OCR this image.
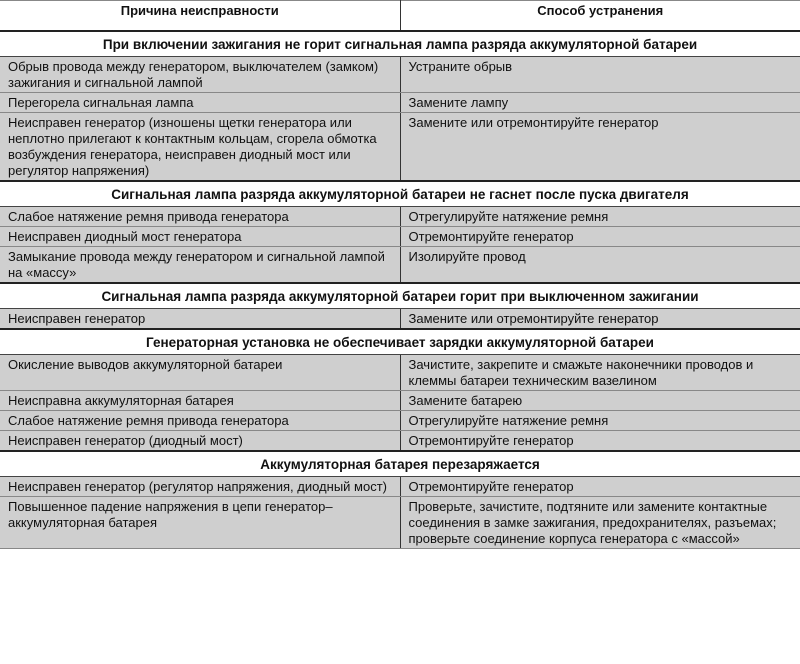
Причина неисправности	Способ устранения
При включении зажигания не горит сигнальная лампа разряда аккумуляторной батареи	
Обрыв провода между генератором, выключателем (замком) зажигания и сигнальной лампой	Устраните обрыв
Перегорела сигнальная лампа	Замените лампу
Неисправен генератор (изношены щетки генератора или неплотно прилегают к контактным кольцам, сгорела обмотка возбуждения генератора, неисправен диодный мост или регулятор напряжения)	Замените или отремонтируйте генератор
Сигнальная лампа разряда аккумуляторной батареи не гаснет после пуска двигателя	
Слабое натяжение ремня привода генератора	Отрегулируйте натяжение ремня
Неисправен диодный мост генератора	Отремонтируйте генератор
Замыкание провода между генератором и сигнальной лампой на «массу»	Изолируйте провод
Сигнальная лампа разряда аккумуляторной батареи горит при выключенном зажигании	
Неисправен генератор	Замените или отремонтируйте генератор
Генераторная установка не обеспечивает зарядки аккумуляторной батареи	
Окисление выводов аккумуляторной батареи	Зачистите, закрепите и смажьте наконечники проводов и клеммы батареи техническим вазелином
Неисправна аккумуляторная батарея	Замените батарею
Слабое натяжение ремня привода генератора	Отрегулируйте натяжение ремня
Неисправен генератор (диодный мост)	Отремонтируйте генератор
Аккумуляторная батарея перезаряжается	
Неисправен генератор (регулятор напряжения, диодный мост)	Отремонтируйте генератор
Повышенное падение напряжения в цепи генератор–аккумуляторная батарея	Проверьте, зачистите, подтяните или замените контактные соединения в замке зажигания, предохранителях, разъемах; проверьте соединение корпуса генератора с «массой»
